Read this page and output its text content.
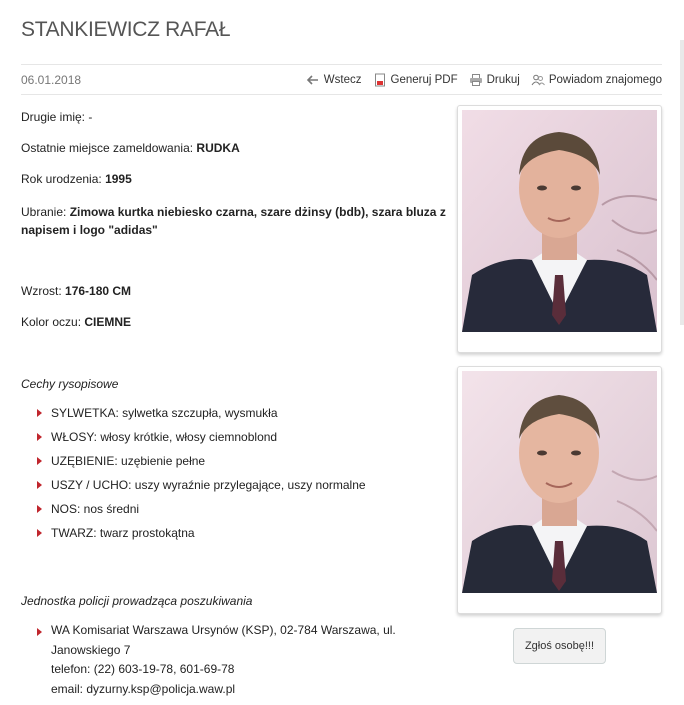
STANKIEWICZ RAFAŁ
06.01.2018	Wstecz	Generuj PDF	Drukuj	Powiadom znajomego
Drugie imię: -
Ostatnie miejsce zameldowania: RUDKA
Rok urodzenia: 1995
Ubranie: Zimowa kurtka niebiesko czarna, szare dżinsy (bdb), szara bluza z napisem i logo "adidas"
Wzrost: 176-180 CM
Kolor oczu: CIEMNE
Cechy rysopisowe
SYLWETKA: sylwetka szczupła, wysmukła
WŁOSY: włosy krótkie, włosy ciemnoblond
UZĘBIENIE: uzębienie pełne
USZY / UCHO: uszy wyraźnie przylegające, uszy normalne
NOS: nos średni
TWARZ: twarz prostokątna
Jednostka policji prowadząca poszukiwania
WA Komisariat Warszawa Ursynów (KSP), 02-784 Warszawa, ul. Janowskiego 7
telefon: (22) 603-19-78, 601-69-78
email: dyzurny.ksp@policja.waw.pl
Zgłoś osobę!!!
